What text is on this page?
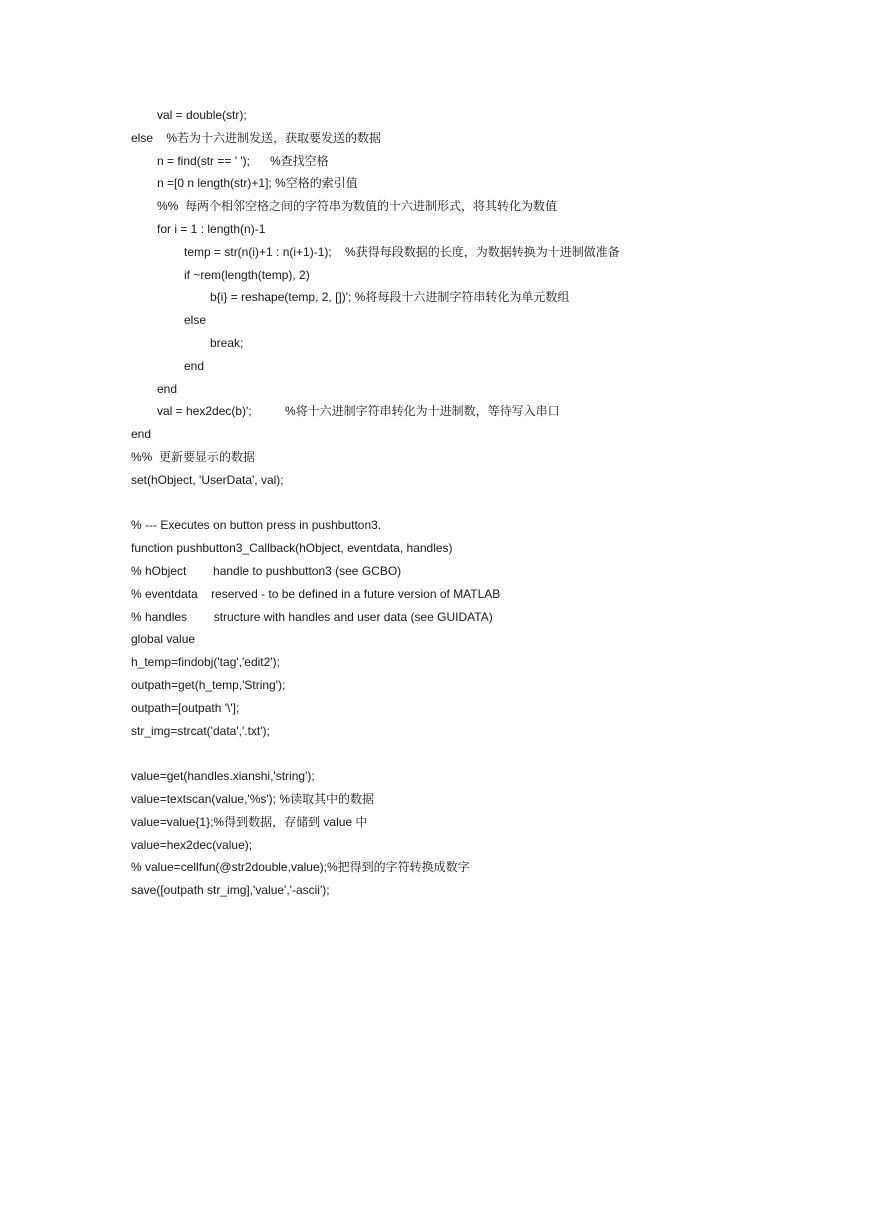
val = double(str);
else    %若为十六进制发送，获取要发送的数据
n = find(str == ' ');      %查找空格
n =[0 n length(str)+1]; %空格的索引值
%%  每两个相邻空格之间的字符串为数值的十六进制形式，将其转化为数值
for i = 1 : length(n)-1
temp = str(n(i)+1 : n(i+1)-1);    %获得每段数据的长度，为数据转换为十进制做准备
if ~rem(length(temp), 2)
b{i} = reshape(temp, 2, [])'; %将每段十六进制字符串转化为单元数组
else
break;
end
end
val = hex2dec(b)';          %将十六进制字符串转化为十进制数，等待写入串口
end
%%  更新要显示的数据
set(hObject, 'UserData', val);
% --- Executes on button press in pushbutton3.
function pushbutton3_Callback(hObject, eventdata, handles)
% hObject        handle to pushbutton3 (see GCBO)
% eventdata    reserved - to be defined in a future version of MATLAB
% handles        structure with handles and user data (see GUIDATA)
global value
h_temp=findobj('tag','edit2');
outpath=get(h_temp,'String');
outpath=[outpath '\'];
str_img=strcat('data','.txt');
value=get(handles.xianshi,'string');
value=textscan(value,'%s'); %读取其中的数据
value=value{1};%得到数据，存储到 value 中
value=hex2dec(value);
% value=cellfun(@str2double,value);%把得到的字符转换成数字
save([outpath str_img],'value','-ascii');
